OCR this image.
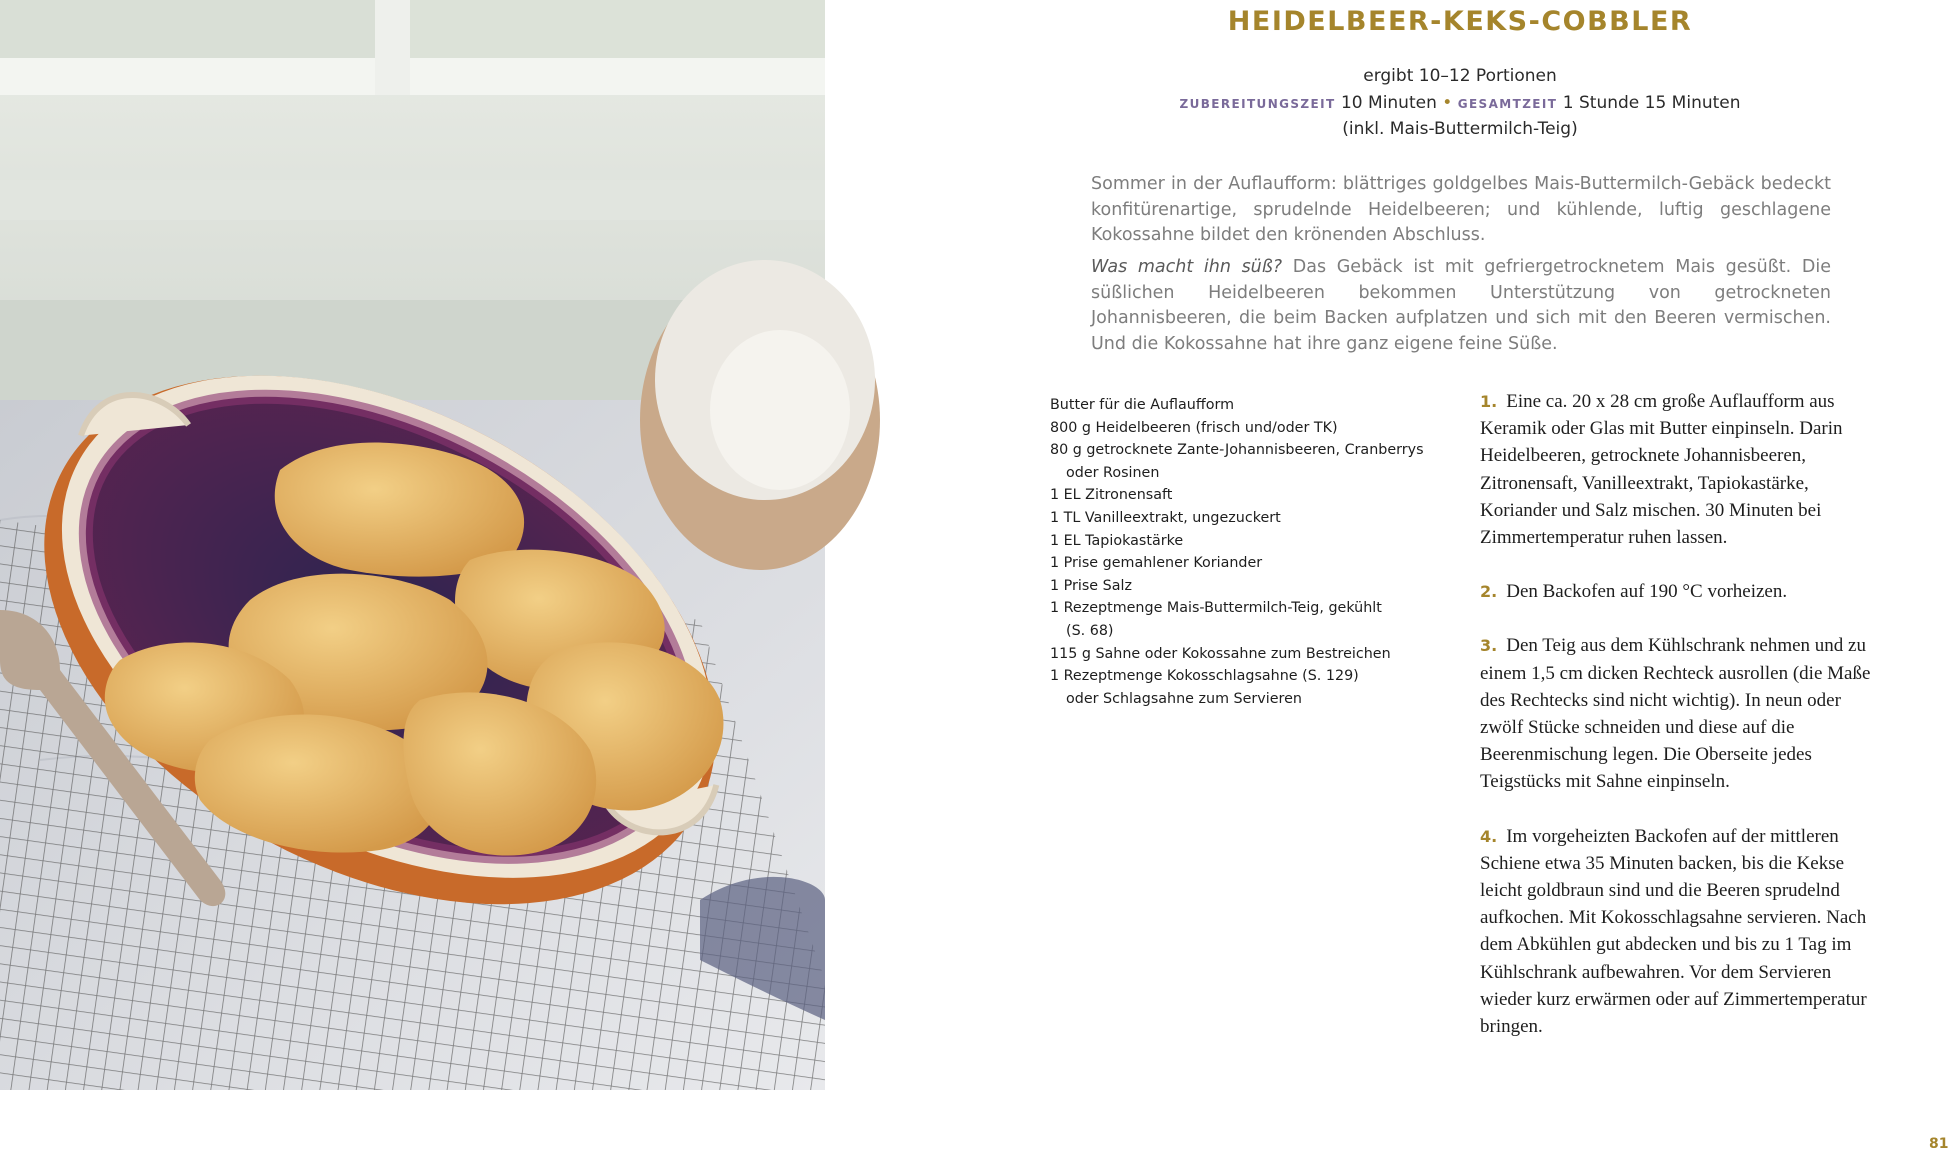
HEIDELBEER-KEKS-COBBLER
ergibt 10–12 Portionen
ZUBEREITUNGSZEIT 10 Minuten • GESAMTZEIT 1 Stunde 15 Minuten
(inkl. Mais-Buttermilch-Teig)

Sommer in der Auflaufform: blättriges goldgelbes Mais-Buttermilch-Gebäck bedeckt konfitürenartige, sprudelnde Heidelbeeren; und kühlende, luftig geschlagene Kokossahne bildet den krönenden Abschluss.

Was macht ihn süß? Das Gebäck ist mit gefriergetrocknetem Mais gesüßt. Die süßlichen Heidelbeeren bekommen Unterstützung von getrockneten Johannisbeeren, die beim Backen aufplatzen und sich mit den Beeren vermischen. Und die Kokossahne hat ihre ganz eigene feine Süße.

Butter für die Auflaufform
800 g Heidelbeeren (frisch und/oder TK)
80 g getrocknete Zante-Johannisbeeren, Cranberrys
oder Rosinen
1 EL Zitronensaft
1 TL Vanilleextrakt, ungezuckert
1 EL Tapiokastärke
1 Prise gemahlener Koriander
1 Prise Salz
1 Rezeptmenge Mais-Buttermilch-Teig, gekühlt
(S. 68)
115 g Sahne oder Kokossahne zum Bestreichen
1 Rezeptmenge Kokosschlagsahne (S. 129)
oder Schlagsahne zum Servieren

1. Eine ca. 20 x 28 cm große Auflaufform aus Keramik oder Glas mit Butter einpinseln. Darin Heidelbeeren, getrocknete Johannisbeeren, Zitronensaft, Vanilleextrakt, Tapiokastärke, Koriander und Salz mischen. 30 Minuten bei Zimmertemperatur ruhen lassen.

2. Den Backofen auf 190 °C vorheizen.

3. Den Teig aus dem Kühlschrank nehmen und zu einem 1,5 cm dicken Rechteck ausrollen (die Maße des Rechtecks sind nicht wichtig). In neun oder zwölf Stücke schneiden und diese auf die Beerenmischung legen. Die Oberseite jedes Teigstücks mit Sahne einpinseln.

4. Im vorgeheizten Backofen auf der mittleren Schiene etwa 35 Minuten backen, bis die Kekse leicht goldbraun sind und die Beeren sprudelnd aufkochen. Mit Kokosschlagsahne servieren. Nach dem Abkühlen gut abdecken und bis zu 1 Tag im Kühlschrank aufbewahren. Vor dem Servieren wieder kurz erwärmen oder auf Zimmertemperatur bringen.

81
